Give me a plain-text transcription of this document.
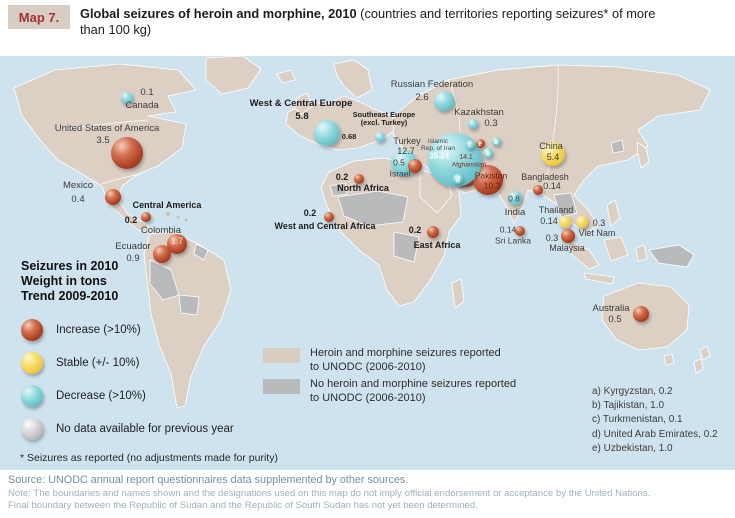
Map 7.	Global seizures of heroin and morphine, 2010 (countries and territories reporting seizures* of more than 100 kg)
c e	a
b
d
Canada
0.1
United States of America
3.5
Mexico
0.4
Central America
0.2
Colombia
1.7
Ecuador
0.9
West & Central Europe
5.8
Russian Federation
2.6
Kazakhstan
0.3
Southeast Europe (excl. Turkey)
0.68
Afghanistan
14.1
Pakistan
10.3
Islamic Rep. of Iran
35.24
Turkey
12.7
Israel
0.5
China
5.4
Bangladesh
0.14
India
0.8
Thailand
0.14
Viet Nam
0.3
Malaysia
0.3
Sri Lanka
0.14
Australia
0.5
North Africa
0.2
West and Central Africa
0.2
East Africa
0.2
Seizures in 2010
Weight in tons
Trend 2009-2010
Increase (>10%)
Stable (+/- 10%)
Decrease (>10%)
No data available for previous year
* Seizures as reported (no adjustments made for purity)
Heroin and morphine seizures reported
to UNODC (2006-2010)
No heroin and morphine seizures reported
to UNODC (2006-2010)	a) Kyrgyzstan, 0.2
b) Tajikistan, 1.0
c) Turkmenistan, 0.1
d) United Arab Emirates, 0.2
e) Uzbekistan, 1.0
Source: UNODC annual report questionnaires data supplemented by other sources.
Note: The boundaries and names shown and the designations used on this map do not imply official endorsement or acceptance by the United Nations.
Final boundary between the Republic of Sudan and the Republic of South Sudan has not yet been determined.
